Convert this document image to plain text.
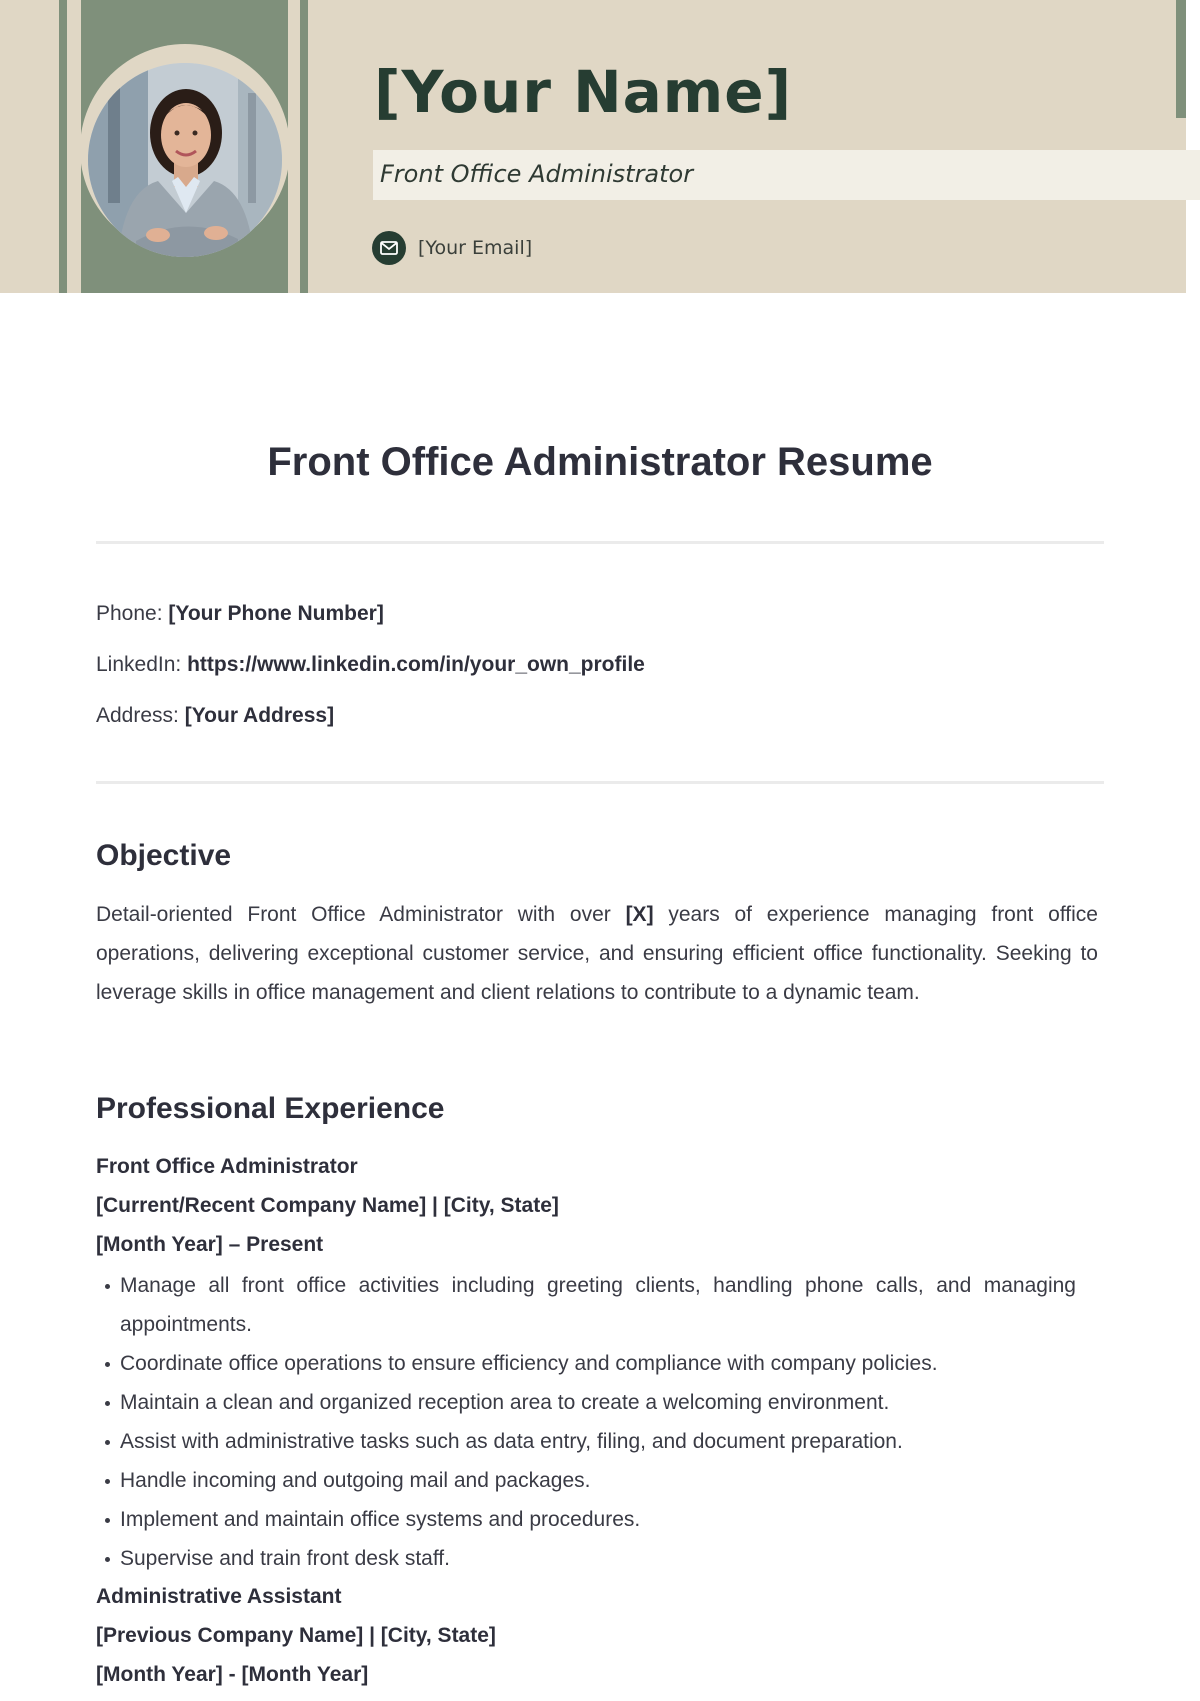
[Your Name]
Front Office Administrator
[Your Email]
Front Office Administrator Resume

Phone: [Your Phone Number]

LinkedIn: https://www.linkedin.com/in/your_own_profile

Address: [Your Address]

Objective

Detail-oriented Front Office Administrator with over [X] years of experience managing front office operations, delivering exceptional customer service, and ensuring efficient office functionality. Seeking to leverage skills in office management and client relations to contribute to a dynamic team.

Professional Experience

Front Office Administrator

[Current/Recent Company Name] | [City, State]

[Month Year] – Present

Manage all front office activities including greeting clients, handling phone calls, and managing appointments.
Coordinate office operations to ensure efficiency and compliance with company policies.
Maintain a clean and organized reception area to create a welcoming environment.
Assist with administrative tasks such as data entry, filing, and document preparation.
Handle incoming and outgoing mail and packages.
Implement and maintain office systems and procedures.
Supervise and train front desk staff.

Administrative Assistant

[Previous Company Name] | [City, State]

[Month Year] - [Month Year]
